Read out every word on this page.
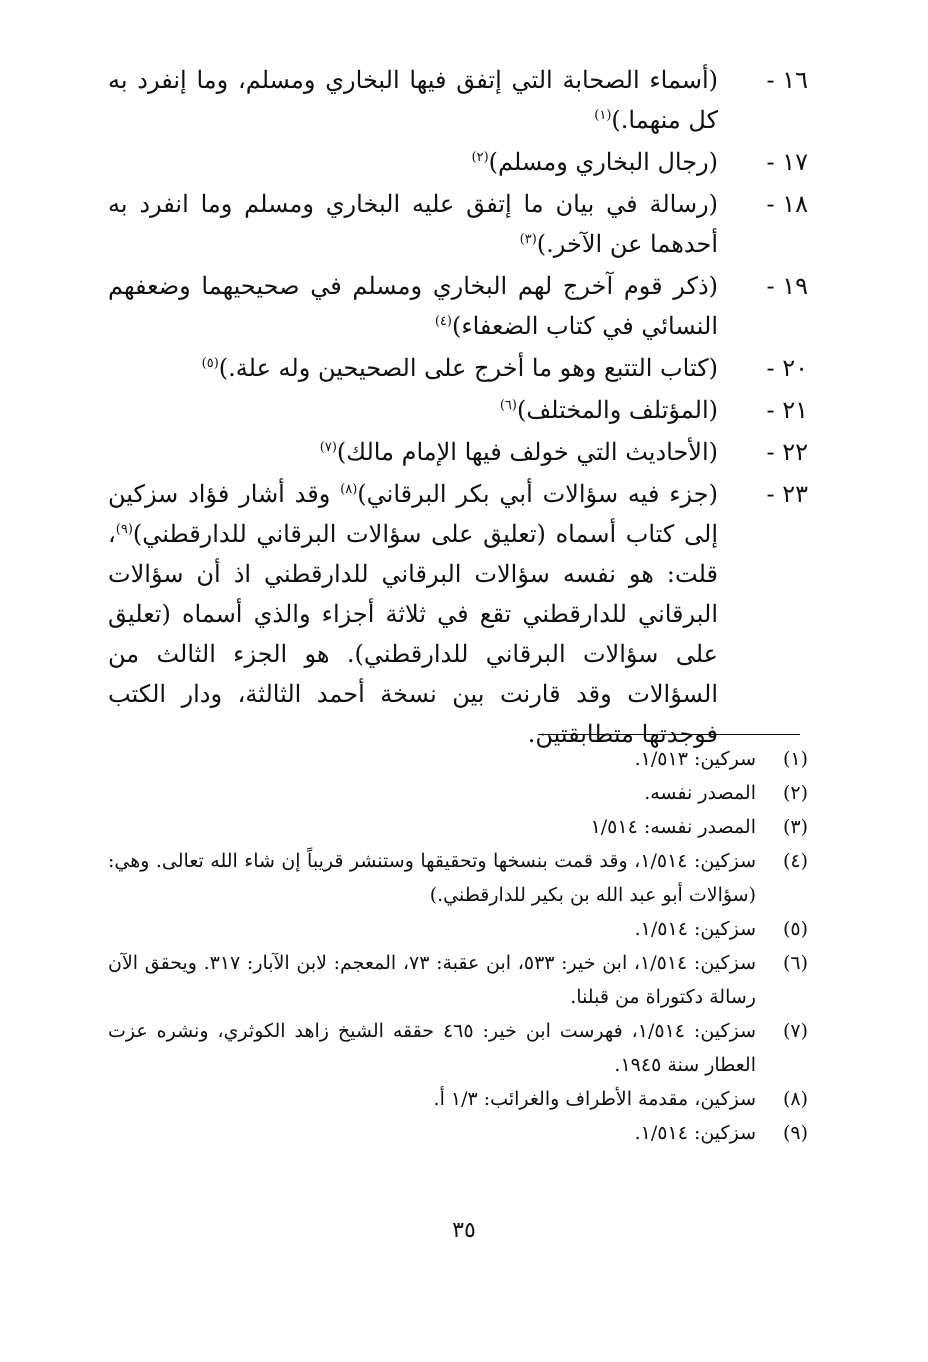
١٦ -
(أسماء الصحابة التي إتفق فيها البخاري ومسلم، وما إنفرد به كل منهما.)$^{(١)}$
١٧ -
(رجال البخاري ومسلم)$^{(٢)}$
١٨ -
(رسالة في بيان ما إتفق عليه البخاري ومسلم وما انفرد به أحدهما عن الآخر.)$^{(٣)}$
١٩ -
(ذكر قوم آخرج لهم البخاري ومسلم في صحيحيهما وضعفهم النسائي في كتاب الضعفاء)$^{(٤)}$
٢٠ -
(كتاب التتبع وهو ما أخرج على الصحيحين وله علة.)$^{(٥)}$
٢١ -
(المؤتلف والمختلف)$^{(٦)}$
٢٢ -
(الأحاديث التي خولف فيها الإمام مالك)$^{(٧)}$
٢٣ -
(جزء فيه سؤالات أبي بكر البرقاني)$^{(٨)}$ وقد أشار فؤاد سزكين إلى كتاب أسماه (تعليق على سؤالات البرقاني للدارقطني)$^{(٩)}$، قلت: هو نفسه سؤالات البرقاني للدارقطني اذ أن سؤالات البرقاني للدارقطني تقع في ثلاثة أجزاء والذي أسماه (تعليق على سؤالات البرقاني للدارقطني). هو الجزء الثالث من السؤالات وقد قارنت بين نسخة أحمد الثالثة، ودار الكتب فوجدتها متطابقتين.
(١)
سركين: ١/٥١٣.
(٢)
المصدر نفسه.
(٣)
المصدر نفسه: ١/٥١٤
(٤)
سزكين: ١/٥١٤، وقد قمت بنسخها وتحقيقها وستنشر قريباً إن شاء الله تعالى. وهي: (سؤالات أبو عبد الله بن بكير للدارقطني.)
(٥)
سزكين: ١/٥١٤.
(٦)
سزكين: ١/٥١٤، ابن خير: ٥٣٣، ابن عقبة: ٧٣، المعجم: لابن الآبار: ٣١٧. ويحقق الآن رسالة دكتوراة من قبلنا.
(٧)
سزكين: ١/٥١٤، فهرست ابن خير: ٤٦٥ حققه الشيخ زاهد الكوثري، ونشره عزت العطار سنة ١٩٤٥.
(٨)
سزكين، مقدمة الأطراف والغرائب: ١/٣ أ.
(٩)
سزكين: ١/٥١٤.
٣٥
